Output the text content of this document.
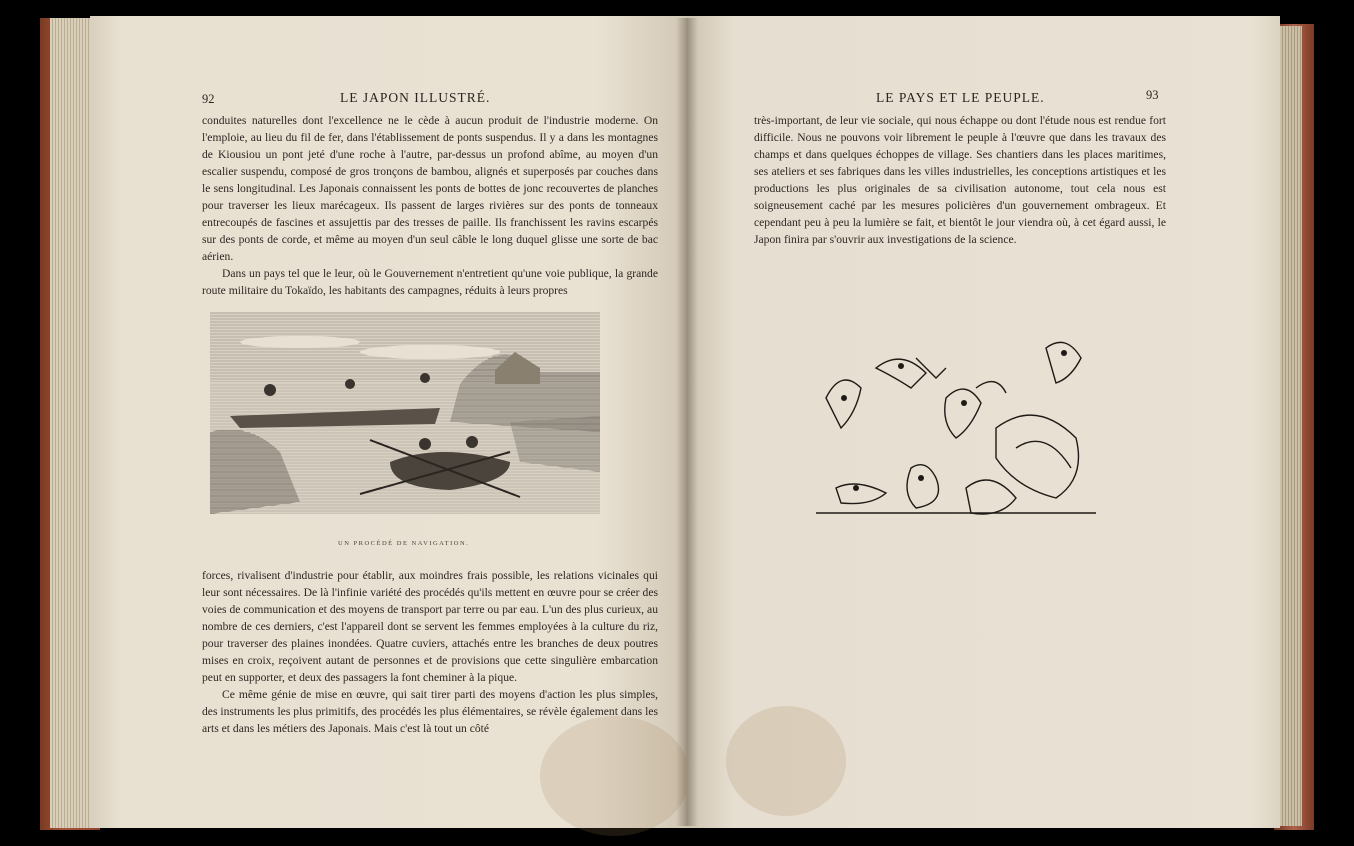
92	LE JAPON ILLUSTRÉ.

conduites naturelles dont l'excellence ne le cède à aucun produit de l'industrie moderne. On l'emploie, au lieu du fil de fer, dans l'établissement de ponts suspendus. Il y a dans les montagnes de Kiousiou un pont jeté d'une roche à l'autre, par-dessus un profond abîme, au moyen d'un escalier suspendu, composé de gros tronçons de bambou, alignés et superposés par couches dans le sens longitudinal. Les Japonais connaissent les ponts de bottes de jonc recouvertes de planches pour traverser les lieux marécageux. Ils passent de larges rivières sur des ponts de tonneaux entrecoupés de fascines et assujettis par des tresses de paille. Ils franchissent les ravins escarpés sur des ponts de corde, et même au moyen d'un seul câble le long duquel glisse une sorte de bac aérien.

Dans un pays tel que le leur, où le Gouvernement n'entretient qu'une voie publique, la grande route militaire du Tokaïdo, les habitants des campagnes, réduits à leurs propres

UN PROCÉDÉ DE NAVIGATION.

forces, rivalisent d'industrie pour établir, aux moindres frais possible, les relations vicinales qui leur sont nécessaires. De là l'infinie variété des procédés qu'ils mettent en œuvre pour se créer des voies de communication et des moyens de transport par terre ou par eau. L'un des plus curieux, au nombre de ces derniers, c'est l'appareil dont se servent les femmes employées à la culture du riz, pour traverser des plaines inondées. Quatre cuviers, attachés entre les branches de deux poutres mises en croix, reçoivent autant de personnes et de provisions que cette singulière embarcation peut en supporter, et deux des passagers la font cheminer à la pique.

Ce même génie de mise en œuvre, qui sait tirer parti des moyens d'action les plus simples, des instruments les plus primitifs, des procédés les plus élémentaires, se révèle également dans les arts et dans les métiers des Japonais. Mais c'est là tout un côté

LE PAYS ET LE PEUPLE.	93

très-important, de leur vie sociale, qui nous échappe ou dont l'étude nous est rendue fort difficile. Nous ne pouvons voir librement le peuple à l'œuvre que dans les travaux des champs et dans quelques échoppes de village. Ses chantiers dans les places maritimes, ses ateliers et ses fabriques dans les villes industrielles, les conceptions artistiques et les productions les plus originales de sa civilisation autonome, tout cela nous est soigneusement caché par les mesures policières d'un gouvernement ombrageux. Et cependant peu à peu la lumière se fait, et bientôt le jour viendra où, à cet égard aussi, le Japon finira par s'ouvrir aux investigations de la science.
